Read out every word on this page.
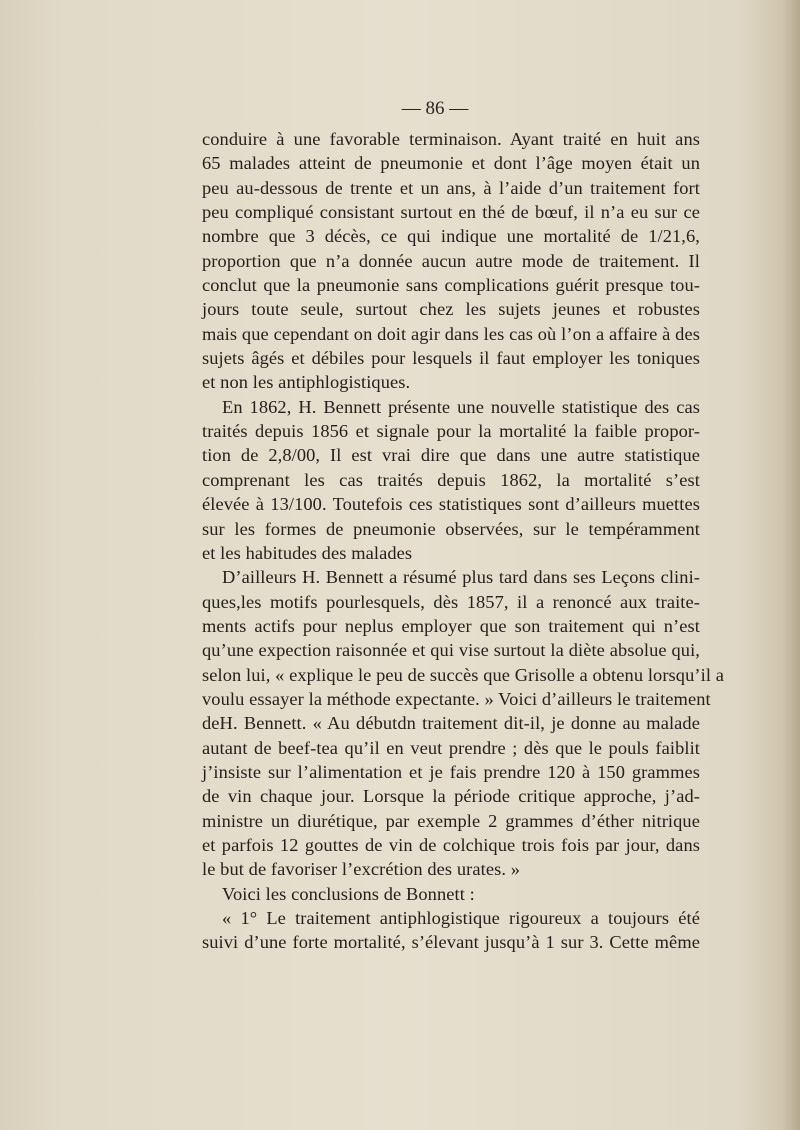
— 86 —
conduire à une favorable terminaison. Ayant traité en huit ans
65 malades atteint de pneumonie et dont l’âge moyen était un
peu au-dessous de trente et un ans, à l’aide d’un traitement fort
peu compliqué consistant surtout en thé de bœuf, il n’a eu sur ce
nombre que 3 décès, ce qui indique une mortalité de 1/21,6,
proportion que n’a donnée aucun autre mode de traitement. Il
conclut que la pneumonie sans complications guérit presque tou-
jours toute seule, surtout chez les sujets jeunes et robustes
mais que cependant on doit agir dans les cas où l’on a affaire à des
sujets âgés et débiles pour lesquels il faut employer les toniques
et non les antiphlogistiques.
En 1862, H. Bennett présente une nouvelle statistique des cas
traités depuis 1856 et signale pour la mortalité la faible propor-
tion de 2,8/00, Il est vrai dire que dans une autre statistique
comprenant les cas traités depuis 1862, la mortalité s’est
élevée à 13/100. Toutefois ces statistiques sont d’ailleurs muettes
sur les formes de pneumonie observées, sur le tempéramment
et les habitudes des malades
D’ailleurs H. Bennett a résumé plus tard dans ses Leçons clini-
ques,les motifs pourlesquels, dès 1857, il a renoncé aux traite-
ments actifs pour neplus employer que son traitement qui n’est
qu’une expection raisonnée et qui vise surtout la diète absolue qui,
selon lui, « explique le peu de succès que Grisolle a obtenu lorsqu’il a
voulu essayer la méthode expectante. » Voici d’ailleurs le traitement
deH. Bennett. « Au débutdn traitement dit-il, je donne au malade
autant de beef-tea qu’il en veut prendre ; dès que le pouls faiblit
j’insiste sur l’alimentation et je fais prendre 120 à 150 grammes
de vin chaque jour. Lorsque la période critique approche, j’ad-
ministre un diurétique, par exemple 2 grammes d’éther nitrique
et parfois 12 gouttes de vin de colchique trois fois par jour, dans
le but de favoriser l’excrétion des urates. »
Voici les conclusions de Bonnett :
« 1° Le traitement antiphlogistique rigoureux a toujours été
suivi d’une forte mortalité, s’élevant jusqu’à 1 sur 3. Cette même
